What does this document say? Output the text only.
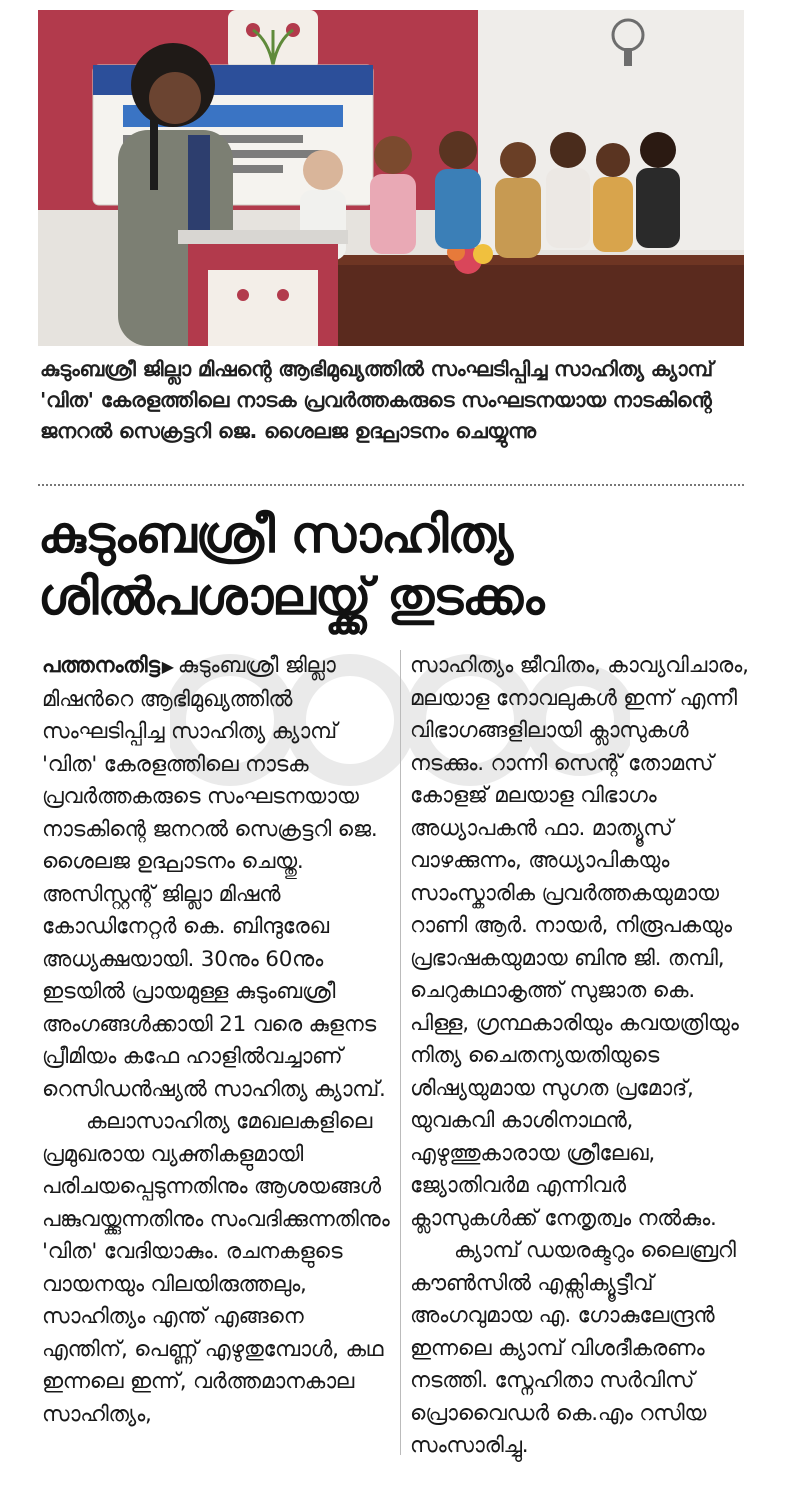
കുടുംബശ്രീ ജില്ലാ മിഷന്റെ ആഭിമുഖ്യത്തിൽ സംഘടിപ്പിച്ച സാഹിത്യ ക്യാമ്പ് 'വിത' കേരളത്തിലെ നാടക പ്രവർത്തകരുടെ സംഘടനയായ നാടകിന്റെ ജനറൽ സെക്രട്ടറി ജെ. ശൈലജ ഉദ്ഘാടനം ചെയ്യുന്നു
കുടുംബശ്രീ സാഹിത്യ
ശിൽപശാലയ്ക്ക് തുടക്കം

പത്തനംതിട്ട ▶ കുടുംബശ്രീ ജില്ലാ മിഷൻറെ ആഭിമുഖ്യത്തിൽ സംഘടിപ്പിച്ച സാഹിത്യ ക്യാമ്പ് 'വിത' കേരളത്തിലെ നാടക പ്രവർത്തകരുടെ സംഘടനയായ നാടകിന്റെ ജനറൽ സെക്രട്ടറി ജെ. ശൈലജ ഉദ്ഘാടനം ചെയ്തു. അസിസ്റ്റന്റ് ജില്ലാ മിഷൻ കോഡിനേറ്റർ കെ. ബിന്ദുരേഖ അധ്യക്ഷയായി. 30നും 60നും ഇടയിൽ പ്രായമുള്ള കുടുംബശ്രീ അംഗങ്ങൾക്കായി 21 വരെ കുളനട പ്രീമിയം കഫേ ഹാളിൽവച്ചാണ് റെസിഡൻഷ്യൽ സാഹിത്യ ക്യാമ്പ്.

കലാസാഹിത്യ മേഖലകളിലെ പ്രമുഖരായ വ്യക്തികളുമായി പരിചയപ്പെടുന്നതിനും ആശയങ്ങൾ പങ്കുവയ്ക്കുന്നതിനും സംവദിക്കുന്നതിനും 'വിത' വേദിയാകും. രചനകളുടെ വായനയും വിലയിരുത്തലും, സാഹിത്യം എന്ത് എങ്ങനെ എന്തിന്, പെണ്ണ് എഴുതുമ്പോൾ, കഥ ഇന്നലെ ഇന്ന്, വർത്തമാനകാല സാഹിത്യം,

സാഹിത്യം ജീവിതം, കാവ്യവിചാരം, മലയാള നോവലുകൾ ഇന്ന് എന്നീ വിഭാഗങ്ങളിലായി ക്ലാസുകൾ നടക്കും. റാന്നി സെന്റ് തോമസ് കോളജ് മലയാള വിഭാഗം അധ്യാപകൻ ഫാ. മാത്യൂസ് വാഴക്കുന്നം, അധ്യാപികയും സാംസ്കാരിക പ്രവർത്തകയുമായ റാണി ആർ. നായർ, നിരൂപകയും പ്രഭാഷകയുമായ ബിനു ജി. തമ്പി, ചെറുകഥാകൃത്ത് സുജാത കെ. പിള്ള, ഗ്രന്ഥകാരിയും കവയത്രിയും നിത്യ ചൈതന്യയതിയുടെ ശിഷ്യയുമായ സുഗത പ്രമോദ്, യുവകവി കാശിനാഥൻ, എഴുത്തുകാരായ ശ്രീലേഖ, ജ്യോതിവർമ എന്നിവർ ക്ലാസുകൾക്ക് നേതൃത്വം നൽകും.

ക്യാമ്പ് ഡയരക്ടറും ലൈബ്രറി കൗൺസിൽ എക്സിക്യൂട്ടീവ് അംഗവുമായ എ. ഗോകുലേന്ദ്രൻ ഇന്നലെ ക്യാമ്പ് വിശദീകരണം നടത്തി. സ്നേഹിതാ സർവിസ് പ്രൊവൈഡർ കെ.എം റസിയ സംസാരിച്ചു.
